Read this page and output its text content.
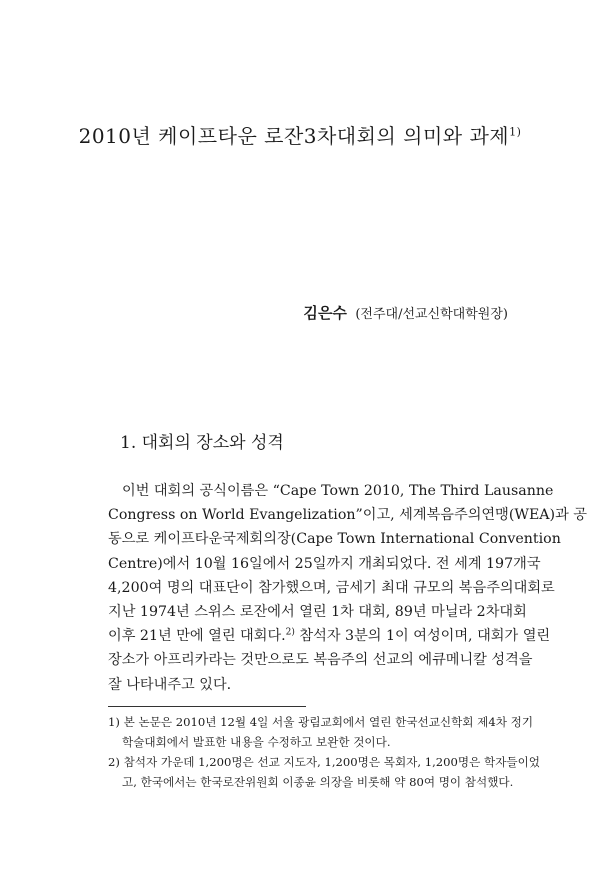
2010년 케이프타운 로잔3차대회의 의미와 과제$^{1)}$
김은수 (전주대/선교신학대학원장)
1. 대회의 장소와 성격
이번 대회의 공식이름은 “Cape Town 2010, The Third Lausanne
Congress on World Evangelization”이고, 세계복음주의연맹(WEA)과 공
동으로 케이프타운국제회의장(Cape Town International Convention
Centre)에서 10월 16일에서 25일까지 개최되었다. 전 세계 197개국
4,200여 명의 대표단이 참가했으며, 금세기 최대 규모의 복음주의대회로
지난 1974년 스위스 로잔에서 열린 1차 대회, 89년 마닐라 2차대회
이후 21년 만에 열린 대회다.$^{2)}$ 참석자 3분의 1이 여성이며, 대회가 열린
장소가 아프리카라는 것만으로도 복음주의 선교의 에큐메니칼 성격을
잘 나타내주고 있다.
1) 본 논문은 2010년 12월 4일 서울 광림교회에서 열린 한국선교신학회 제4차 정기
학술대회에서 발표한 내용을 수정하고 보완한 것이다.
2) 참석자 가운데 1,200명은 선교 지도자, 1,200명은 목회자, 1,200명은 학자들이었
고, 한국에서는 한국로잔위원회 이종윤 의장을 비롯해 약 80여 명이 참석했다.
